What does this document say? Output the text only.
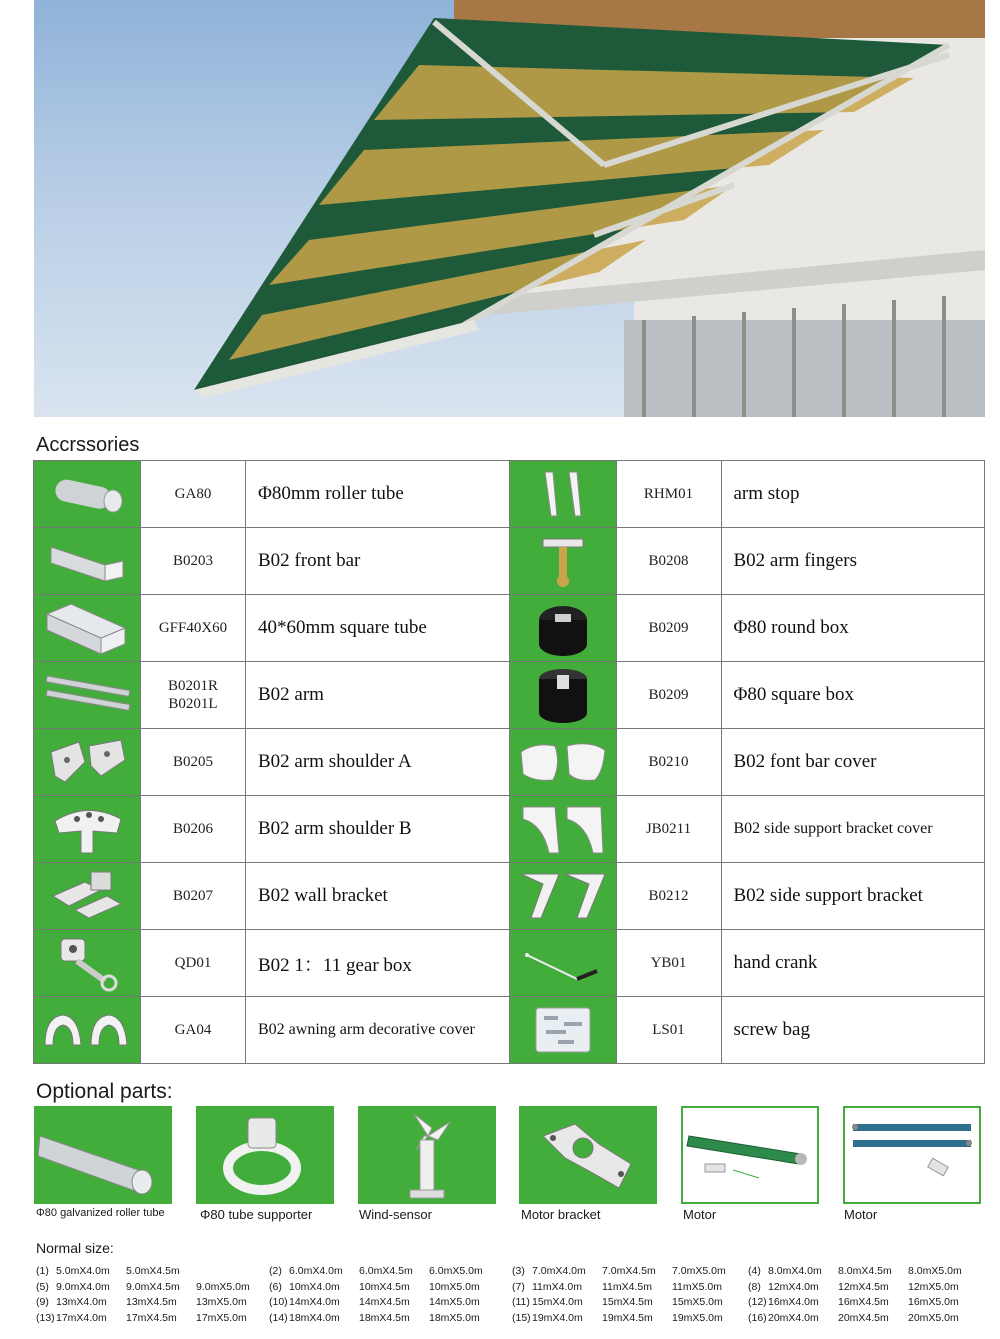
Accrssories
	GA80	Φ80mm roller tube		RHM01	arm stop

	B0203	B02 front bar		B0208	B02 arm fingers

	GFF40X60	40*60mm square tube		B0209	Φ80 round box

B0201R
B0201L	B02 arm		B0209	Φ80 square box

	B0205	B02 arm shoulder A		B0210	B02 font bar cover

	B0206	B02 arm shoulder B		JB0211	B02 side support bracket cover

	B0207	B02 wall bracket		B0212	B02 side support bracket

	QD01	B02 1：11 gear box		YB01	hand crank

	GA04	B02 awning arm decorative cover		LS01	screw bag
Optional parts:
Φ80 galvanized roller tube	Φ80 tube supporter	Wind-sensor	Motor bracket	Motor	Motor
Normal size:
(1) 5.0mX4.0m 5.0mX4.5m	(2) 6.0mX4.0m 6.0mX4.5m 6.0mX5.0m	(3) 7.0mX4.0m 7.0mX4.5m 7.0mX5.0m (4) 8.0mX4.0m 8.0mX4.5m 8.0mX5.0m
(5) 9.0mX4.0m 9.0mX4.5m 9.0mX5.0m (6) 10mX4.0m 10mX4.5m 10mX5.0m	(7) 11mX4.0m 11mX4.5m 11mX5.0m (8) 12mX4.0m 12mX4.5m 12mX5.0m
(9) 13mX4.0m 13mX4.5m 13mX5.0m (10) 14mX4.0m 14mX4.5m 14mX5.0m	(11) 15mX4.0m 15mX4.5m 15mX5.0m (12) 16mX4.0m 16mX4.5m 16mX5.0m
(13) 17mX4.0m 17mX4.5m 17mX5.0m (14) 18mX4.0m 18mX4.5m 18mX5.0m	(15) 19mX4.0m 19mX4.5m 19mX5.0m (16) 20mX4.0m 20mX4.5m 20mX5.0m
